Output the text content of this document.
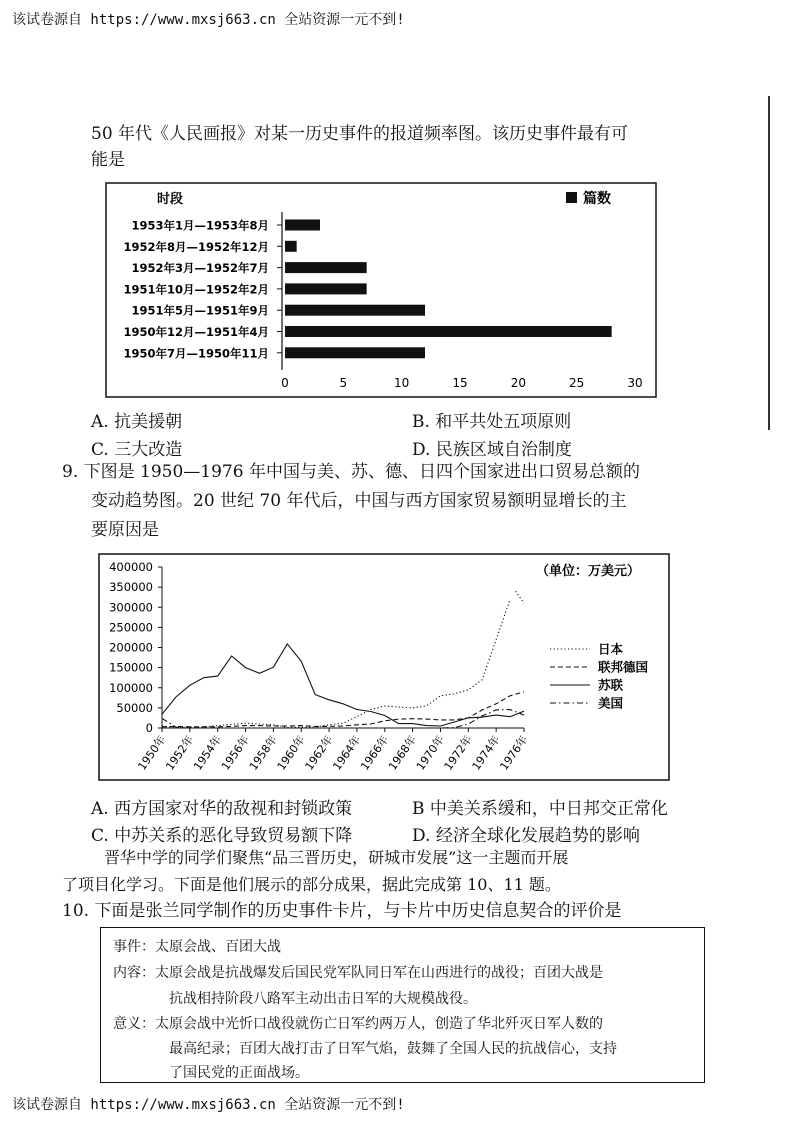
该试卷源自 https://www.mxsj663.cn 全站资源一元不到!
该试卷源自 https://www.mxsj663.cn 全站资源一元不到!
50 年代《人民画报》对某一历史事件的报道频率图。该历史事件最有可
能是
时段	篇数
1953年1月—1953年8月
1952年8月—1952年12月
1952年3月—1952年7月
1951年10月—1952年2月
1951年5月—1951年9月
1950年12月—1951年4月
1950年7月—1950年11月
0	5	10	15	20	25	30
A. 抗美援朝	B. 和平共处五项原则
C. 三大改造	D. 民族区域自治制度
9. 下图是 1950—1976 年中国与美、苏、德、日四个国家进出口贸易总额的
变动趋势图。20 世纪 70 年代后，中国与西方国家贸易额明显增长的主
要原因是
（单位：万美元）
400000
350000
300000
250000
200000
150000
100000
50000
0
1950年
1952年
1954年
1956年
1958年
1960年
1962年
1964年
1966年
1968年
1970年
1972年
1974年
1976年
日本
联邦德国
苏联
美国
A. 西方国家对华的敌视和封锁政策	B 中美关系缓和，中日邦交正常化
C. 中苏关系的恶化导致贸易额下降	D. 经济全球化发展趋势的影响
晋华中学的同学们聚焦“品三晋历史，研城市发展”这一主题而开展
了项目化学习。下面是他们展示的部分成果，据此完成第 10、11 题。
10. 下面是张兰同学制作的历史事件卡片，与卡片中历史信息契合的评价是
事件：太原会战、百团大战
内容：太原会战是抗战爆发后国民党军队同日军在山西进行的战役；百团大战是
抗战相持阶段八路军主动出击日军的大规模战役。
意义：太原会战中光忻口战役就伤亡日军约两万人，创造了华北歼灭日军人数的
最高纪录；百团大战打击了日军气焰，鼓舞了全国人民的抗战信心，支持
了国民党的正面战场。
